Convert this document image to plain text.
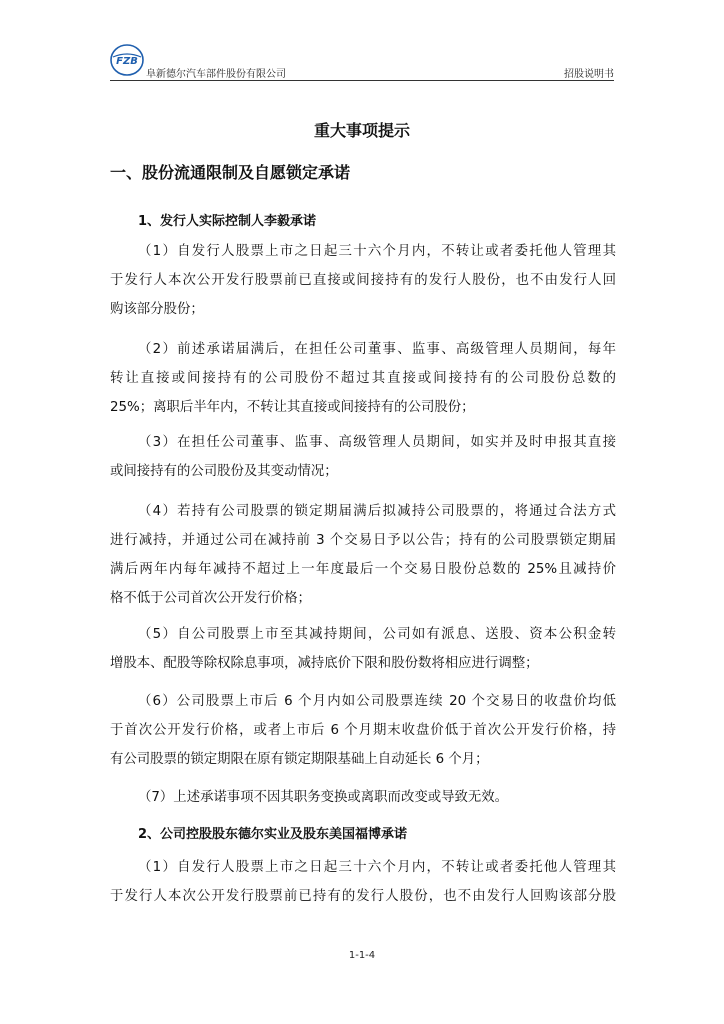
FZB
阜新德尔汽车部件股份有限公司	招股说明书
重大事项提示
一、股份流通限制及自愿锁定承诺
1、发行人实际控制人李毅承诺
（1）自发行人股票上市之日起三十六个月内，不转让或者委托他人管理其
于发行人本次公开发行股票前已直接或间接持有的发行人股份，也不由发行人回
购该部分股份；
（2）前述承诺届满后，在担任公司董事、监事、高级管理人员期间，每年
转让直接或间接持有的公司股份不超过其直接或间接持有的公司股份总数的
25%；离职后半年内，不转让其直接或间接持有的公司股份；
（3）在担任公司董事、监事、高级管理人员期间，如实并及时申报其直接
或间接持有的公司股份及其变动情况；
（4）若持有公司股票的锁定期届满后拟减持公司股票的，将通过合法方式
进行减持，并通过公司在减持前 3 个交易日予以公告；持有的公司股票锁定期届
满后两年内每年减持不超过上一年度最后一个交易日股份总数的 25%且减持价
格不低于公司首次公开发行价格；
（5）自公司股票上市至其减持期间，公司如有派息、送股、资本公积金转
增股本、配股等除权除息事项，减持底价下限和股份数将相应进行调整；
（6）公司股票上市后 6 个月内如公司股票连续 20 个交易日的收盘价均低
于首次公开发行价格，或者上市后 6 个月期末收盘价低于首次公开发行价格，持
有公司股票的锁定期限在原有锁定期限基础上自动延长 6 个月；
（7）上述承诺事项不因其职务变换或离职而改变或导致无效。
2、公司控股股东德尔实业及股东美国福博承诺
（1）自发行人股票上市之日起三十六个月内，不转让或者委托他人管理其
于发行人本次公开发行股票前已持有的发行人股份，也不由发行人回购该部分股
1-1-4
